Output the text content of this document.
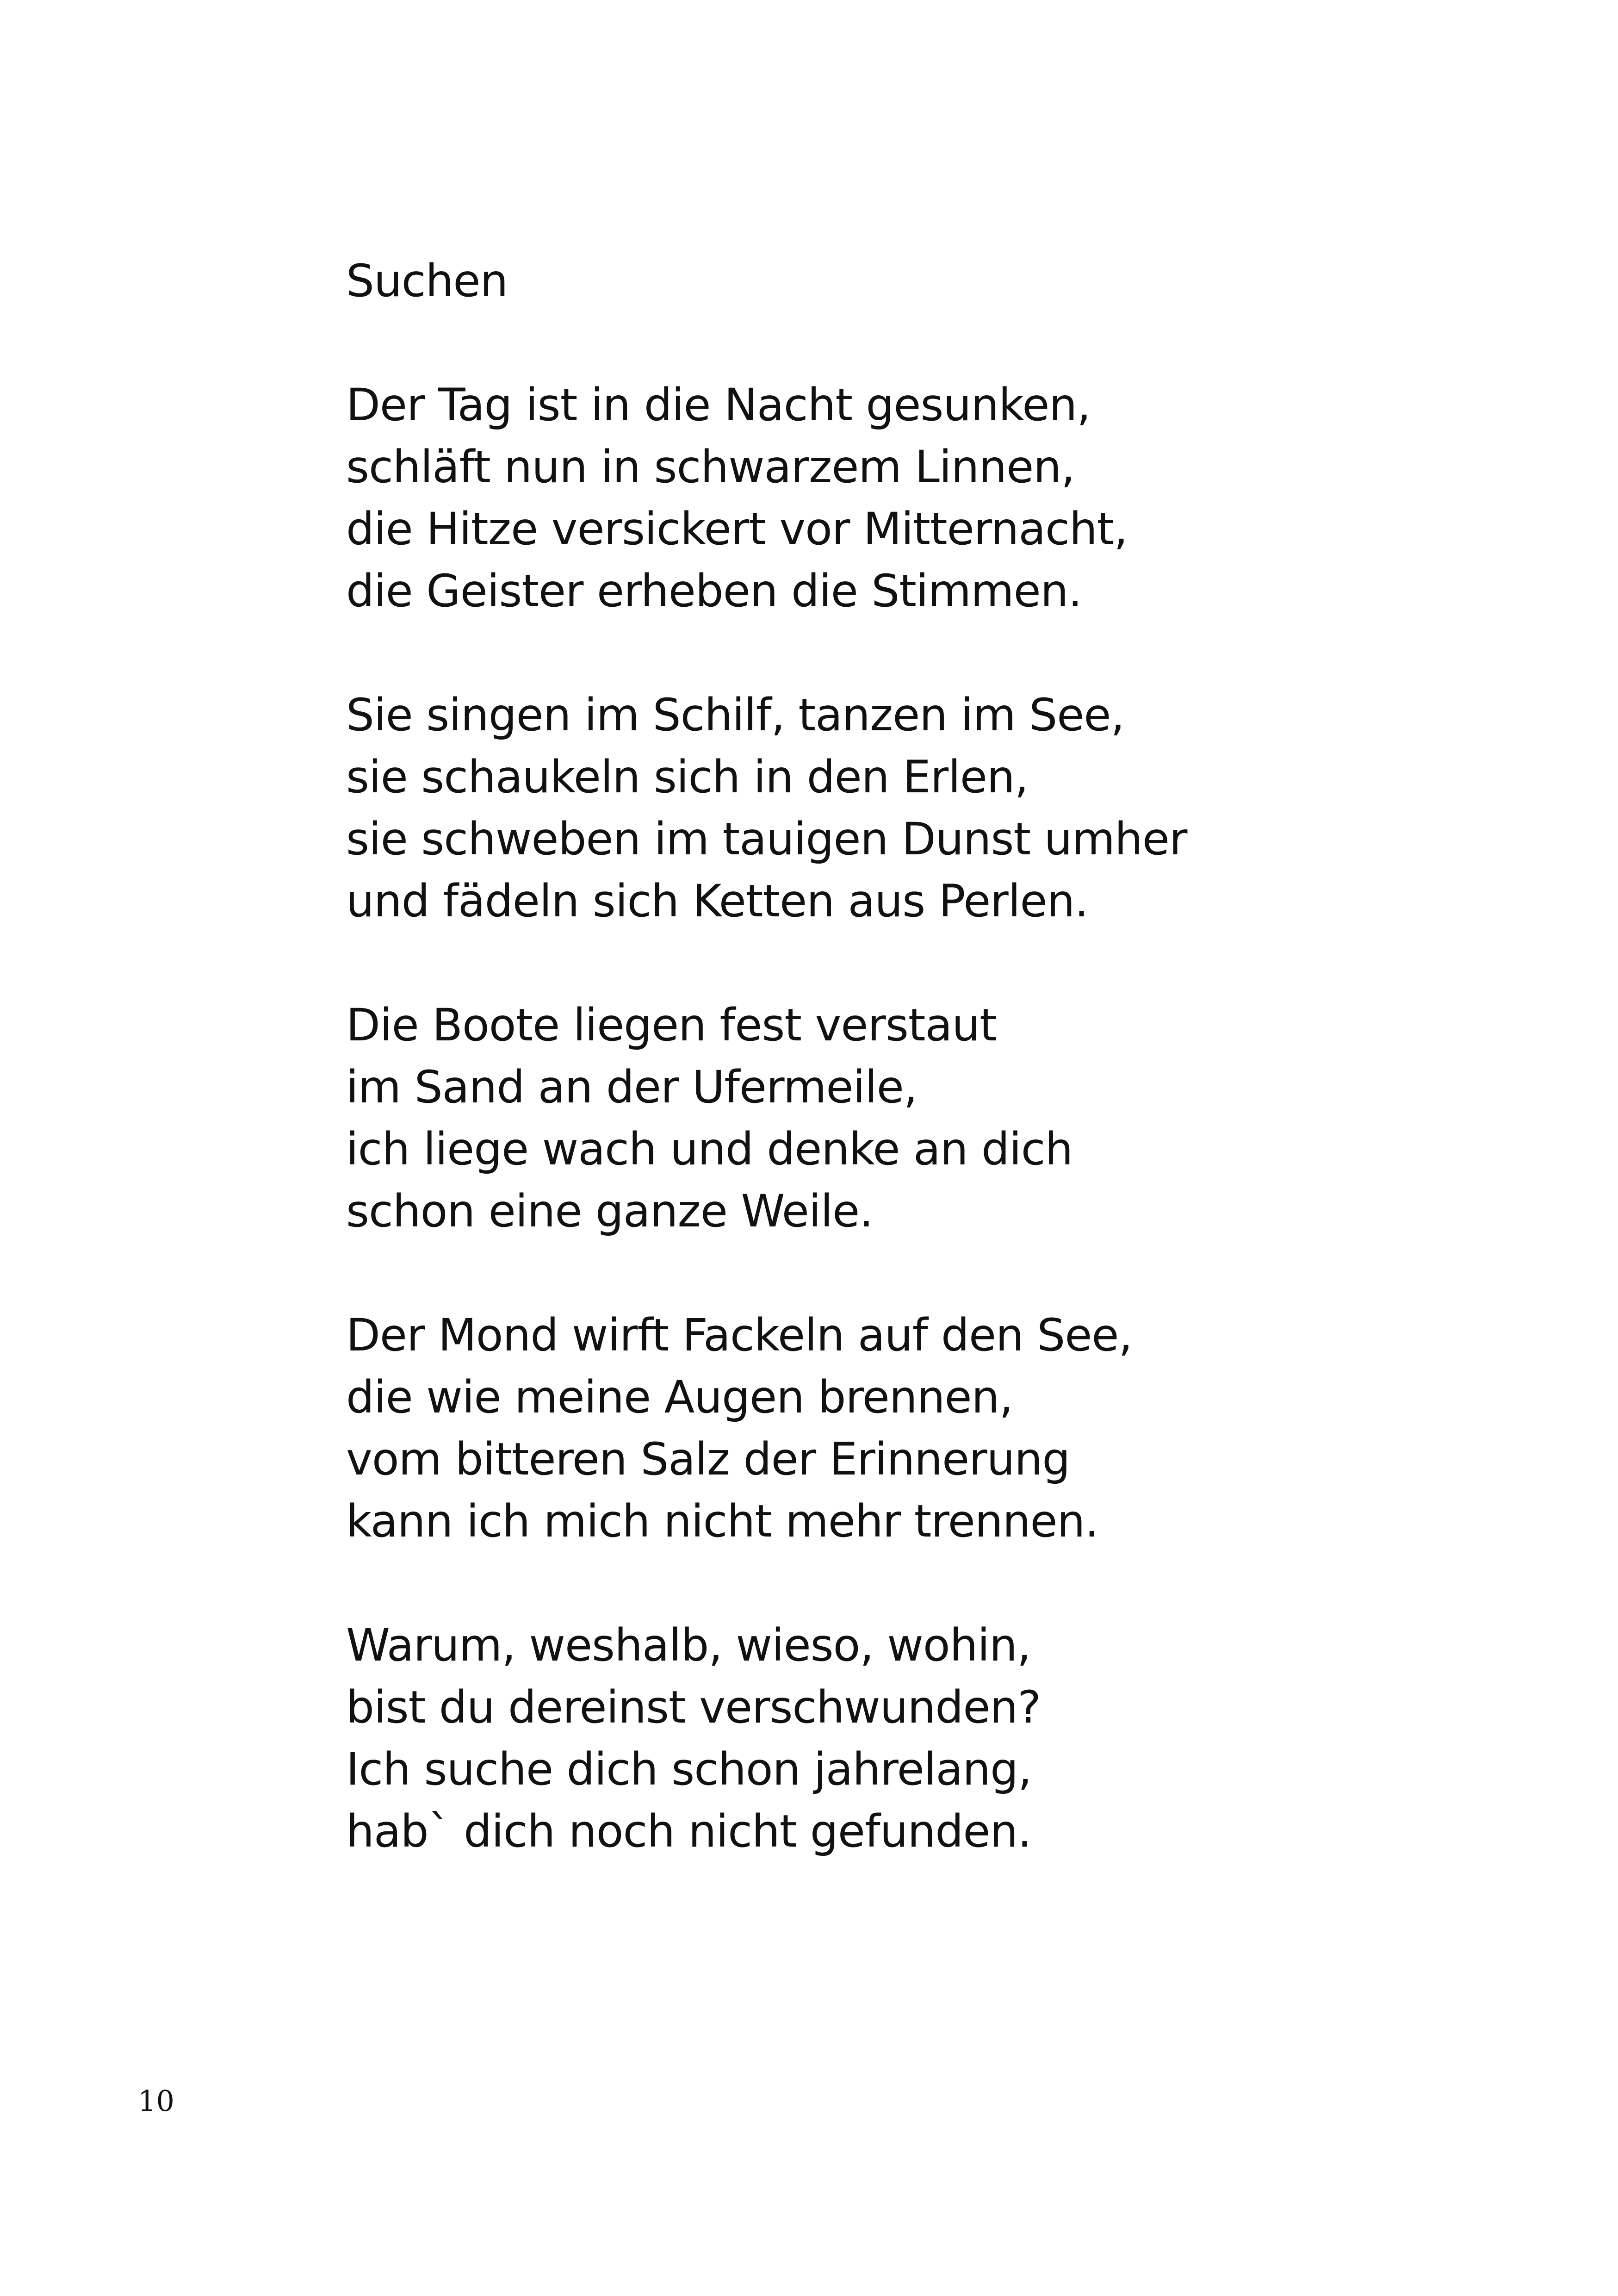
Suchen
Der Tag ist in die Nacht gesunken,
schläft nun in schwarzem Linnen,
die Hitze versickert vor Mitternacht,
die Geister erheben die Stimmen.
Sie singen im Schilf, tanzen im See,
sie schaukeln sich in den Erlen,
sie schweben im tauigen Dunst umher
und fädeln sich Ketten aus Perlen.
Die Boote liegen fest verstaut
im Sand an der Ufermeile,
ich liege wach und denke an dich
schon eine ganze Weile.
Der Mond wirft Fackeln auf den See,
die wie meine Augen brennen,
vom bitteren Salz der Erinnerung
kann ich mich nicht mehr trennen.
Warum, weshalb, wieso, wohin,
bist du dereinst verschwunden?
Ich suche dich schon jahrelang,
hab` dich noch nicht gefunden.
10
